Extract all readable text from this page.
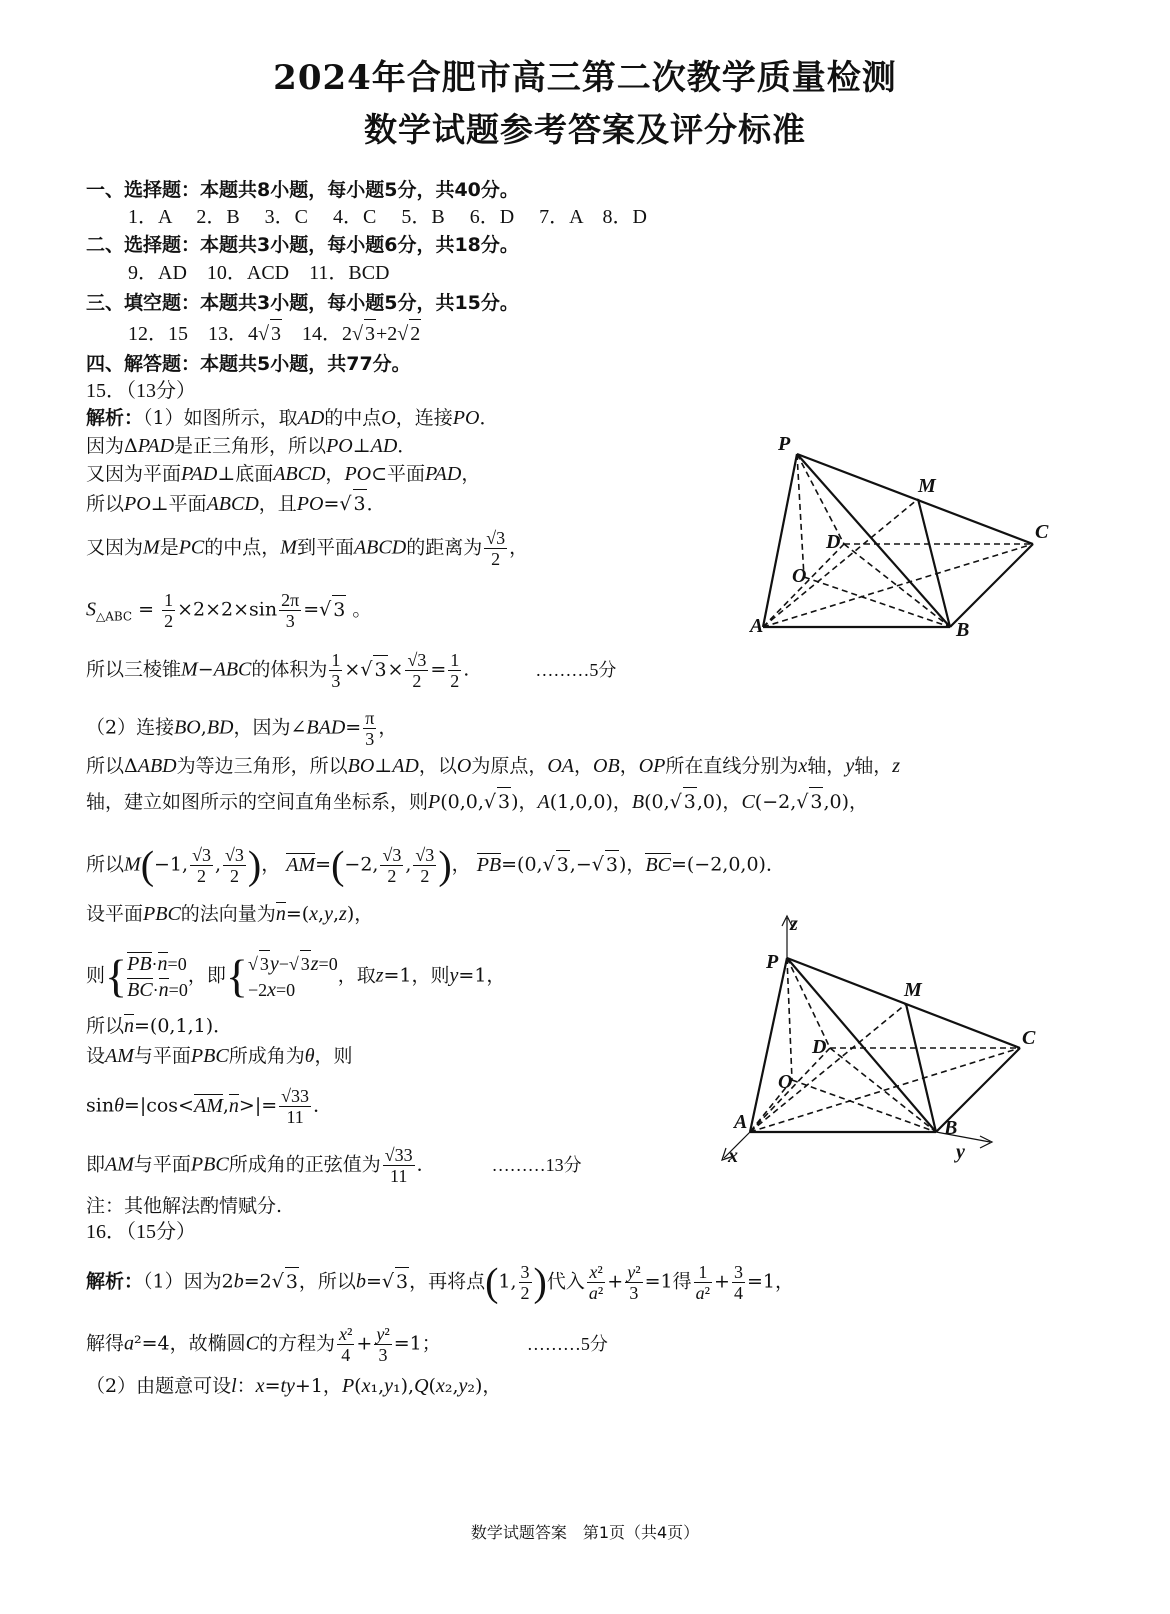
2024年合肥市高三第二次教学质量检测
数学试题参考答案及评分标准
一、选择题：本题共8小题，每小题5分，共40分。
1．A　 2．B　 3．C　 4．C　 5．B　 6．D　 7．A　8．D
二、选择题：本题共3小题，每小题6分，共18分。
9．AD　10．ACD　11．BCD
三、填空题：本题共3小题，每小题5分，共15分。
12．15　13．4√ 3　14．2√ 3+2√ 2
四、解答题：本题共5小题，共77分。
15．（13分）
解析：（1）如图所示，取AD的中点O，连接PO．
因为ΔPAD是正三角形，所以PO⊥AD．
又因为平面PAD⊥底面ABCD，PO⊂平面PAD，
所以PO⊥平面ABCD，且PO=√ 3．
又因为M是PC的中点，M到平面ABCD的距离为 $\frac{√3}{2}$ ，
$S_{\triangle ABC} = \frac{1}{2} \times 2\times 2\times\sin \frac{2\pi}{3}$ =√ 3 。
所以三棱锥M−ABC的体积为 $\frac{1}{3}$ ×√ $3\times \frac{√3}{2} = \frac{1}{2}$ .	………5分
（2）连接BO,BD，因为∠BAD= $\frac{\pi}{3}$ ，
所以ΔABD为等边三角形，所以BO⊥AD，以O为原点，OA，OB，OP所在直线分别为x轴，y轴，z
轴，建立如图所示的空间直角坐标系，则P(0,0,√ 3)，A(1,0,0)，B(0,√ 3,0)，C(−2,√ 3,0)，
所以M(−1, $\frac{√3}{2}$ , $\frac{√3}{2}$ )， AM=(−2, $\frac{√3}{2}$ , $\frac{√3}{2}$ )， PB=(0,√ 3,−√ 3)，BC=(−2,0,0)．
设平面PBC的法向量为n=(x,y,z)，
则{PB·n=0
BC·n=0，即{√ 3y−√ 3z=0
−2x=0，取z=1，则y=1，
所以n=(0,1,1)．
设AM与平面PBC所成角为θ，则
$\sin\theta=|\cos<AM,n>|= \frac{√33}{11}$ ．
即AM与平面PBC所成角的正弦值为 $\frac{√33}{11}$ ．	………13分
注：其他解法酌情赋分.
16．（15分）
解析：（1）因为2b=2√ 3，所以b=√ 3，再将点(1, $\frac{3}{2}$ )代入 $\frac{\text{x²}}{\text{a²}} + \frac{\text{y²}}{3} =1$得 $\frac{1}{\text{a²}} + \frac{3}{4} =1$，
解得a²=4，故椭圆C的方程为 $\frac{\text{x²}}{4} + \frac{\text{y²}}{3} =1$；	………5分
（2）由题意可设l：x=ty+1，P(x₁,y₁),Q(x₂,y₂)，
P
M
C
D
O
A	B
z
P
M
C
D
O
A	B
x	y
数学试题答案　第1页（共4页）
